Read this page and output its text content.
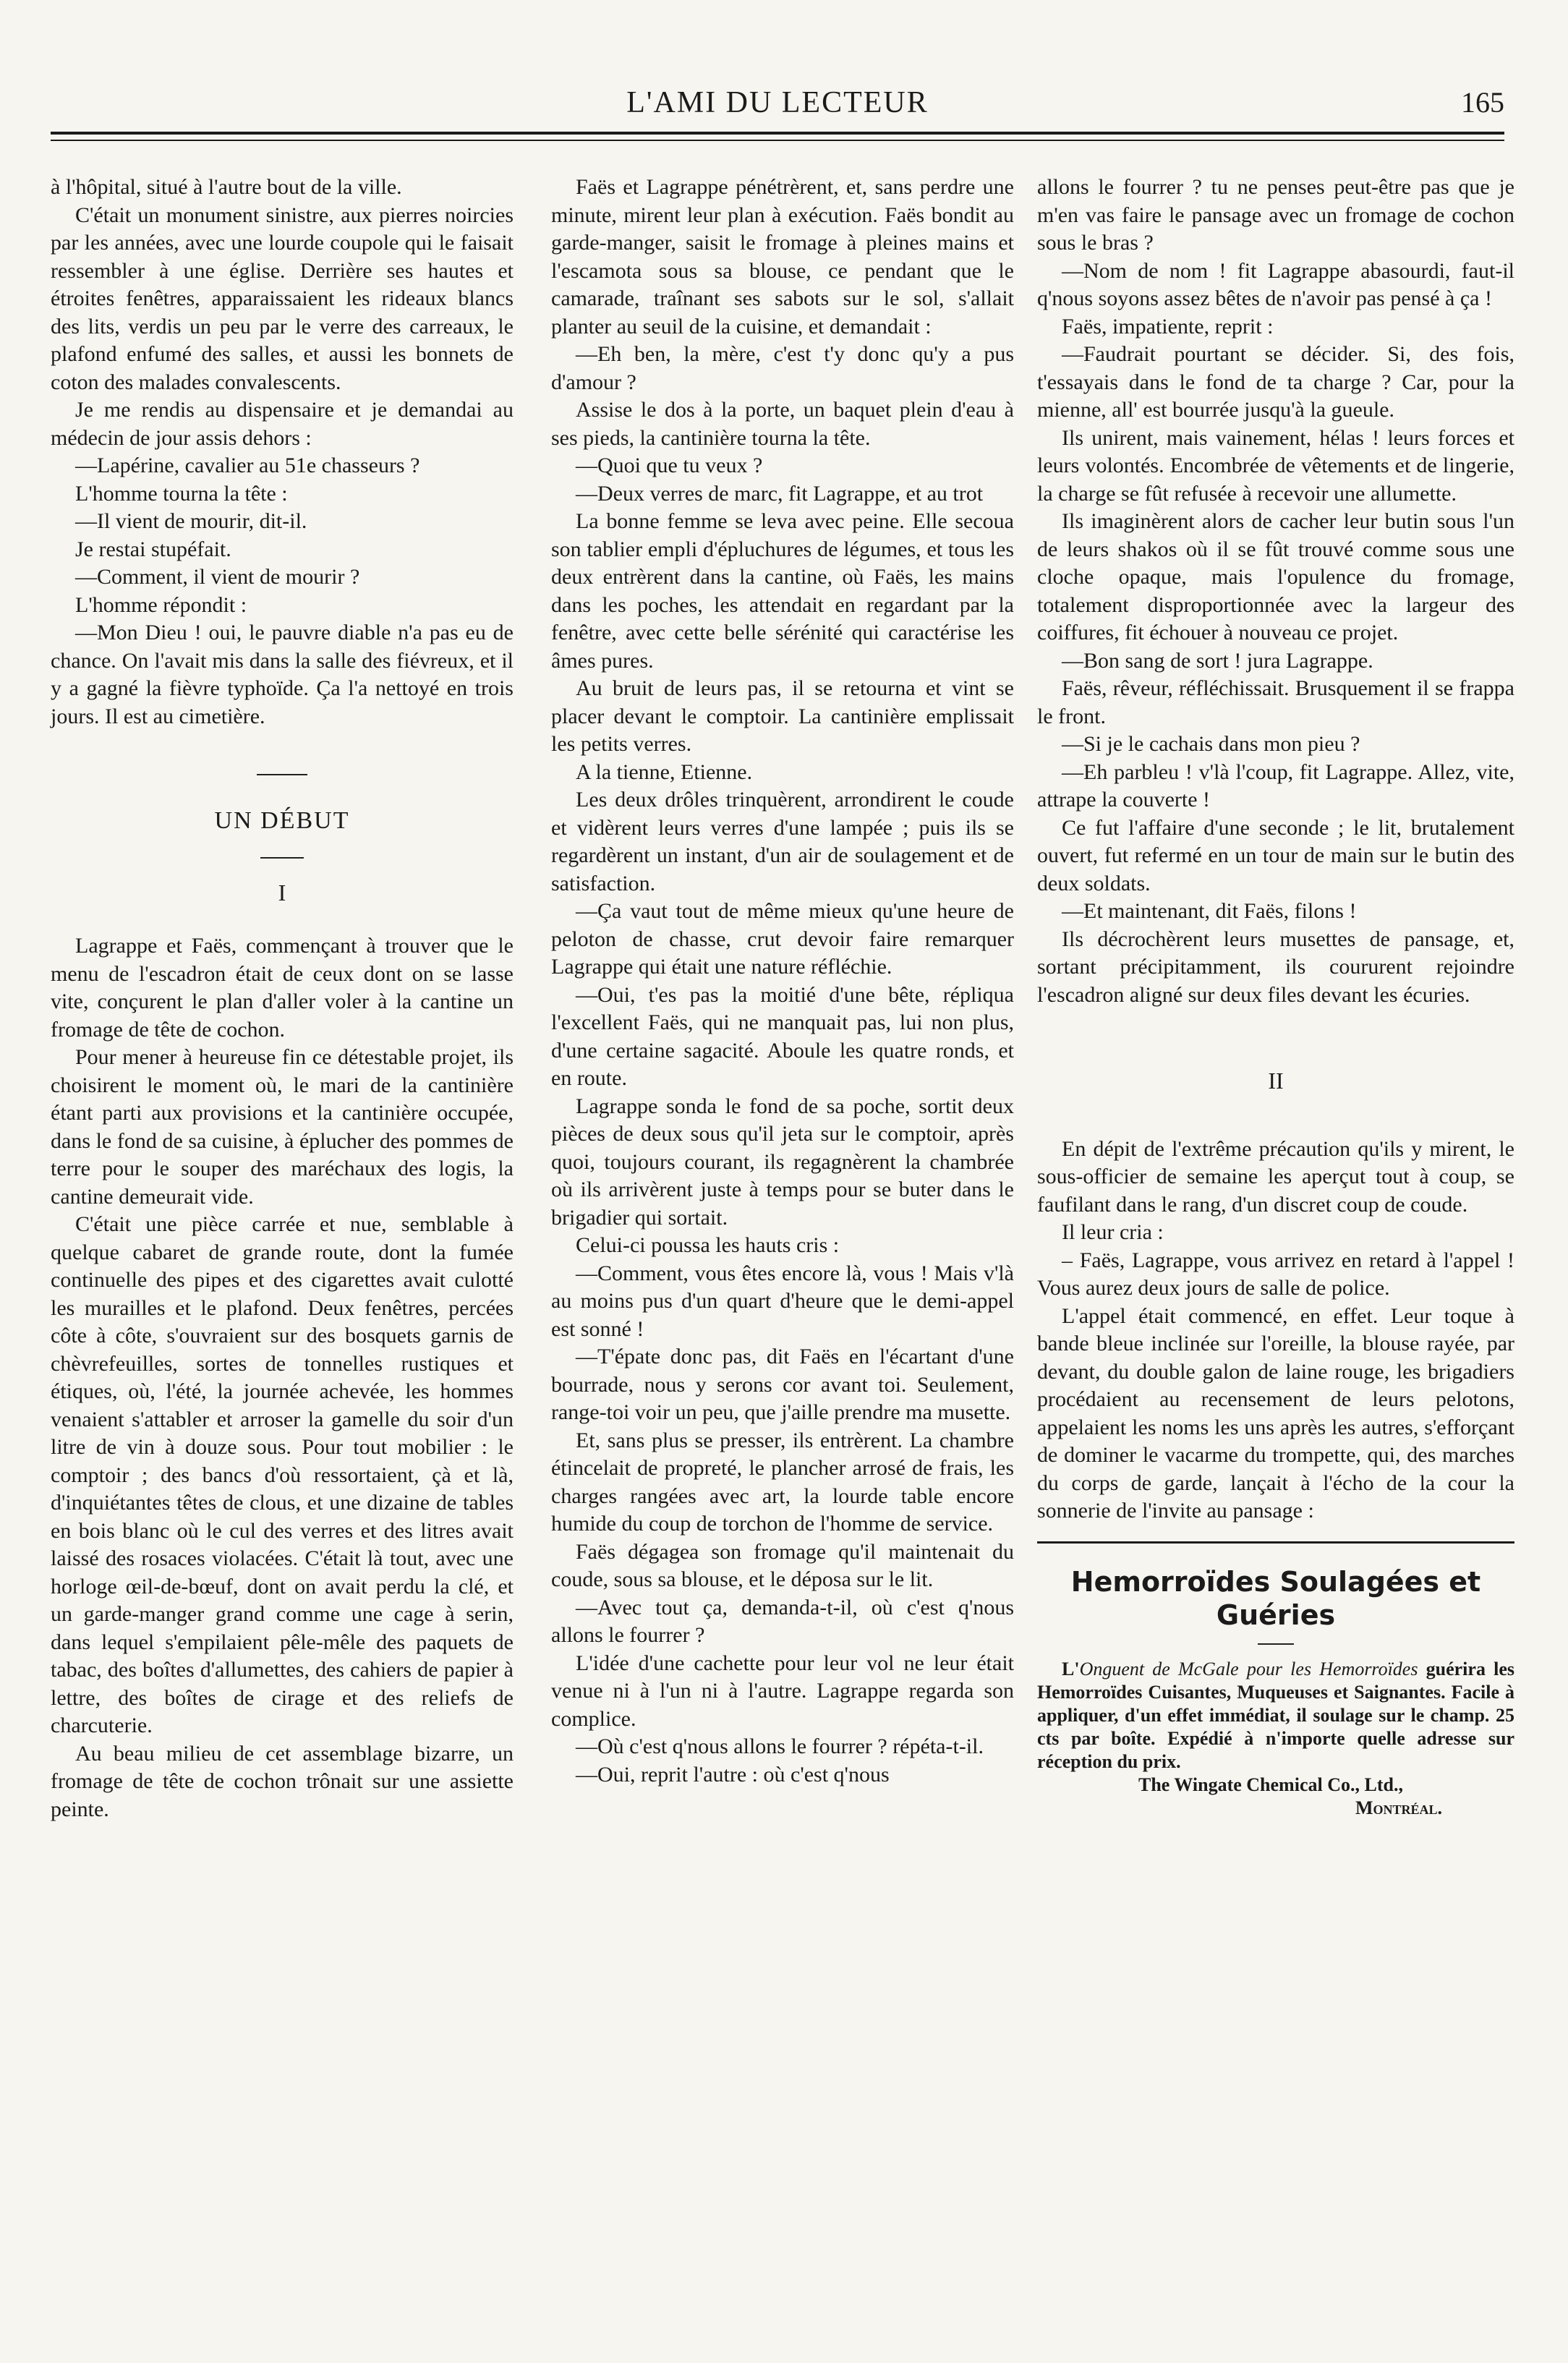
L'AMI DU LECTEUR	165

à l'hôpital, situé à l'autre bout de la ville.

C'était un monument sinistre, aux pierres noircies par les années, avec une lourde coupole qui le faisait ressembler à une église. Derrière ses hautes et étroites fenêtres, apparaissaient les rideaux blancs des lits, verdis un peu par le verre des carreaux, le plafond enfumé des salles, et aussi les bonnets de coton des malades convalescents.

Je me rendis au dispensaire et je demandai au médecin de jour assis dehors :

—Lapérine, cavalier au 51e chasseurs ?

L'homme tourna la tête :

—Il vient de mourir, dit-il.

Je restai stupéfait.

—Comment, il vient de mourir ?

L'homme répondit :

—Mon Dieu ! oui, le pauvre diable n'a pas eu de chance. On l'avait mis dans la salle des fiévreux, et il y a gagné la fièvre typhoïde. Ça l'a nettoyé en trois jours. Il est au cimetière.

UN DÉBUT
I

Lagrappe et Faës, commençant à trouver que le menu de l'escadron était de ceux dont on se lasse vite, conçurent le plan d'aller voler à la cantine un fromage de tête de cochon.

Pour mener à heureuse fin ce détestable projet, ils choisirent le moment où, le mari de la cantinière étant parti aux provisions et la cantinière occupée, dans le fond de sa cuisine, à éplucher des pommes de terre pour le souper des maréchaux des logis, la cantine demeurait vide.

C'était une pièce carrée et nue, semblable à quelque cabaret de grande route, dont la fumée continuelle des pipes et des cigarettes avait culotté les murailles et le plafond. Deux fenêtres, percées côte à côte, s'ouvraient sur des bosquets garnis de chèvrefeuilles, sortes de tonnelles rustiques et étiques, où, l'été, la journée achevée, les hommes venaient s'attabler et arroser la gamelle du soir d'un litre de vin à douze sous. Pour tout mobilier : le comptoir ; des bancs d'où ressortaient, çà et là, d'inquiétantes têtes de clous, et une dizaine de tables en bois blanc où le cul des verres et des litres avait laissé des rosaces violacées. C'était là tout, avec une horloge œil-de-bœuf, dont on avait perdu la clé, et un garde-manger grand comme une cage à serin, dans lequel s'empilaient pêle-mêle des paquets de tabac, des boîtes d'allumettes, des cahiers de papier à lettre, des boîtes de cirage et des reliefs de charcuterie.

Au beau milieu de cet assemblage bizarre, un fromage de tête de cochon trônait sur une assiette peinte.

Faës et Lagrappe pénétrèrent, et, sans perdre une minute, mirent leur plan à exécution. Faës bondit au garde-manger, saisit le fromage à pleines mains et l'escamota sous sa blouse, ce pendant que le camarade, traînant ses sabots sur le sol, s'allait planter au seuil de la cuisine, et demandait :

—Eh ben, la mère, c'est t'y donc qu'y a pus d'amour ?

Assise le dos à la porte, un baquet plein d'eau à ses pieds, la cantinière tourna la tête.

—Quoi que tu veux ?

—Deux verres de marc, fit Lagrappe, et au trot

La bonne femme se leva avec peine. Elle secoua son tablier empli d'épluchures de légumes, et tous les deux entrèrent dans la cantine, où Faës, les mains dans les poches, les attendait en regardant par la fenêtre, avec cette belle sérénité qui caractérise les âmes pures.

Au bruit de leurs pas, il se retourna et vint se placer devant le comptoir. La cantinière emplissait les petits verres.

A la tienne, Etienne.

Les deux drôles trinquèrent, arrondirent le coude et vidèrent leurs verres d'une lampée ; puis ils se regardèrent un instant, d'un air de soulagement et de satisfaction.

—Ça vaut tout de même mieux qu'une heure de peloton de chasse, crut devoir faire remarquer Lagrappe qui était une nature réfléchie.

—Oui, t'es pas la moitié d'une bête, répliqua l'excellent Faës, qui ne manquait pas, lui non plus, d'une certaine sagacité. Aboule les quatre ronds, et en route.

Lagrappe sonda le fond de sa poche, sortit deux pièces de deux sous qu'il jeta sur le comptoir, après quoi, toujours courant, ils regagnèrent la chambrée où ils arrivèrent juste à temps pour se buter dans le brigadier qui sortait.

Celui-ci poussa les hauts cris :

—Comment, vous êtes encore là, vous ! Mais v'là au moins pus d'un quart d'heure que le demi-appel est sonné !

—T'épate donc pas, dit Faës en l'écartant d'une bourrade, nous y serons cor avant toi. Seulement, range-toi voir un peu, que j'aille prendre ma musette.

Et, sans plus se presser, ils entrèrent. La chambre étincelait de propreté, le plancher arrosé de frais, les charges rangées avec art, la lourde table encore humide du coup de torchon de l'homme de service.

Faës dégagea son fromage qu'il maintenait du coude, sous sa blouse, et le déposa sur le lit.

—Avec tout ça, demanda-t-il, où c'est q'nous allons le fourrer ?

L'idée d'une cachette pour leur vol ne leur était venue ni à l'un ni à l'autre. Lagrappe regarda son complice.

—Où c'est q'nous allons le fourrer ? répéta-t-il.

—Oui, reprit l'autre : où c'est q'nous

allons le fourrer ? tu ne penses peut-être pas que je m'en vas faire le pansage avec un fromage de cochon sous le bras ?

—Nom de nom ! fit Lagrappe abasourdi, faut-il q'nous soyons assez bêtes de n'avoir pas pensé à ça !

Faës, impatiente, reprit :

—Faudrait pourtant se décider. Si, des fois, t'essayais dans le fond de ta charge ? Car, pour la mienne, all' est bourrée jusqu'à la gueule.

Ils unirent, mais vainement, hélas ! leurs forces et leurs volontés. Encombrée de vêtements et de lingerie, la charge se fût refusée à recevoir une allumette.

Ils imaginèrent alors de cacher leur butin sous l'un de leurs shakos où il se fût trouvé comme sous une cloche opaque, mais l'opulence du fromage, totalement disproportionnée avec la largeur des coiffures, fit échouer à nouveau ce projet.

—Bon sang de sort ! jura Lagrappe.

Faës, rêveur, réfléchissait. Brusquement il se frappa le front.

—Si je le cachais dans mon pieu ?

—Eh parbleu ! v'là l'coup, fit Lagrappe. Allez, vite, attrape la couverte !

Ce fut l'affaire d'une seconde ; le lit, brutalement ouvert, fut refermé en un tour de main sur le butin des deux soldats.

—Et maintenant, dit Faës, filons !

Ils décrochèrent leurs musettes de pansage, et, sortant précipitamment, ils coururent rejoindre l'escadron aligné sur deux files devant les écuries.

II

En dépit de l'extrême précaution qu'ils y mirent, le sous-officier de semaine les aperçut tout à coup, se faufilant dans le rang, d'un discret coup de coude.

Il leur cria :

– Faës, Lagrappe, vous arrivez en retard à l'appel ! Vous aurez deux jours de salle de police.

L'appel était commencé, en effet. Leur toque à bande bleue inclinée sur l'oreille, la blouse rayée, par devant, du double galon de laine rouge, les brigadiers procédaient au recensement de leurs pelotons, appelaient les noms les uns après les autres, s'efforçant de dominer le vacarme du trompette, qui, des marches du corps de garde, lançait à l'écho de la cour la sonnerie de l'invite au pansage :

Hemorroïdes Soulagées et
Guéries

L'Onguent de McGale pour les Hemorroïdes guérira les Hemorroïdes Cuisantes, Muqueuses et Saignantes. Facile à appliquer, d'un effet immédiat, il soulage sur le champ. 25 cts par boîte. Expédié à n'importe quelle adresse sur réception du prix.

The Wingate Chemical Co., Ltd.,
Montréal.
